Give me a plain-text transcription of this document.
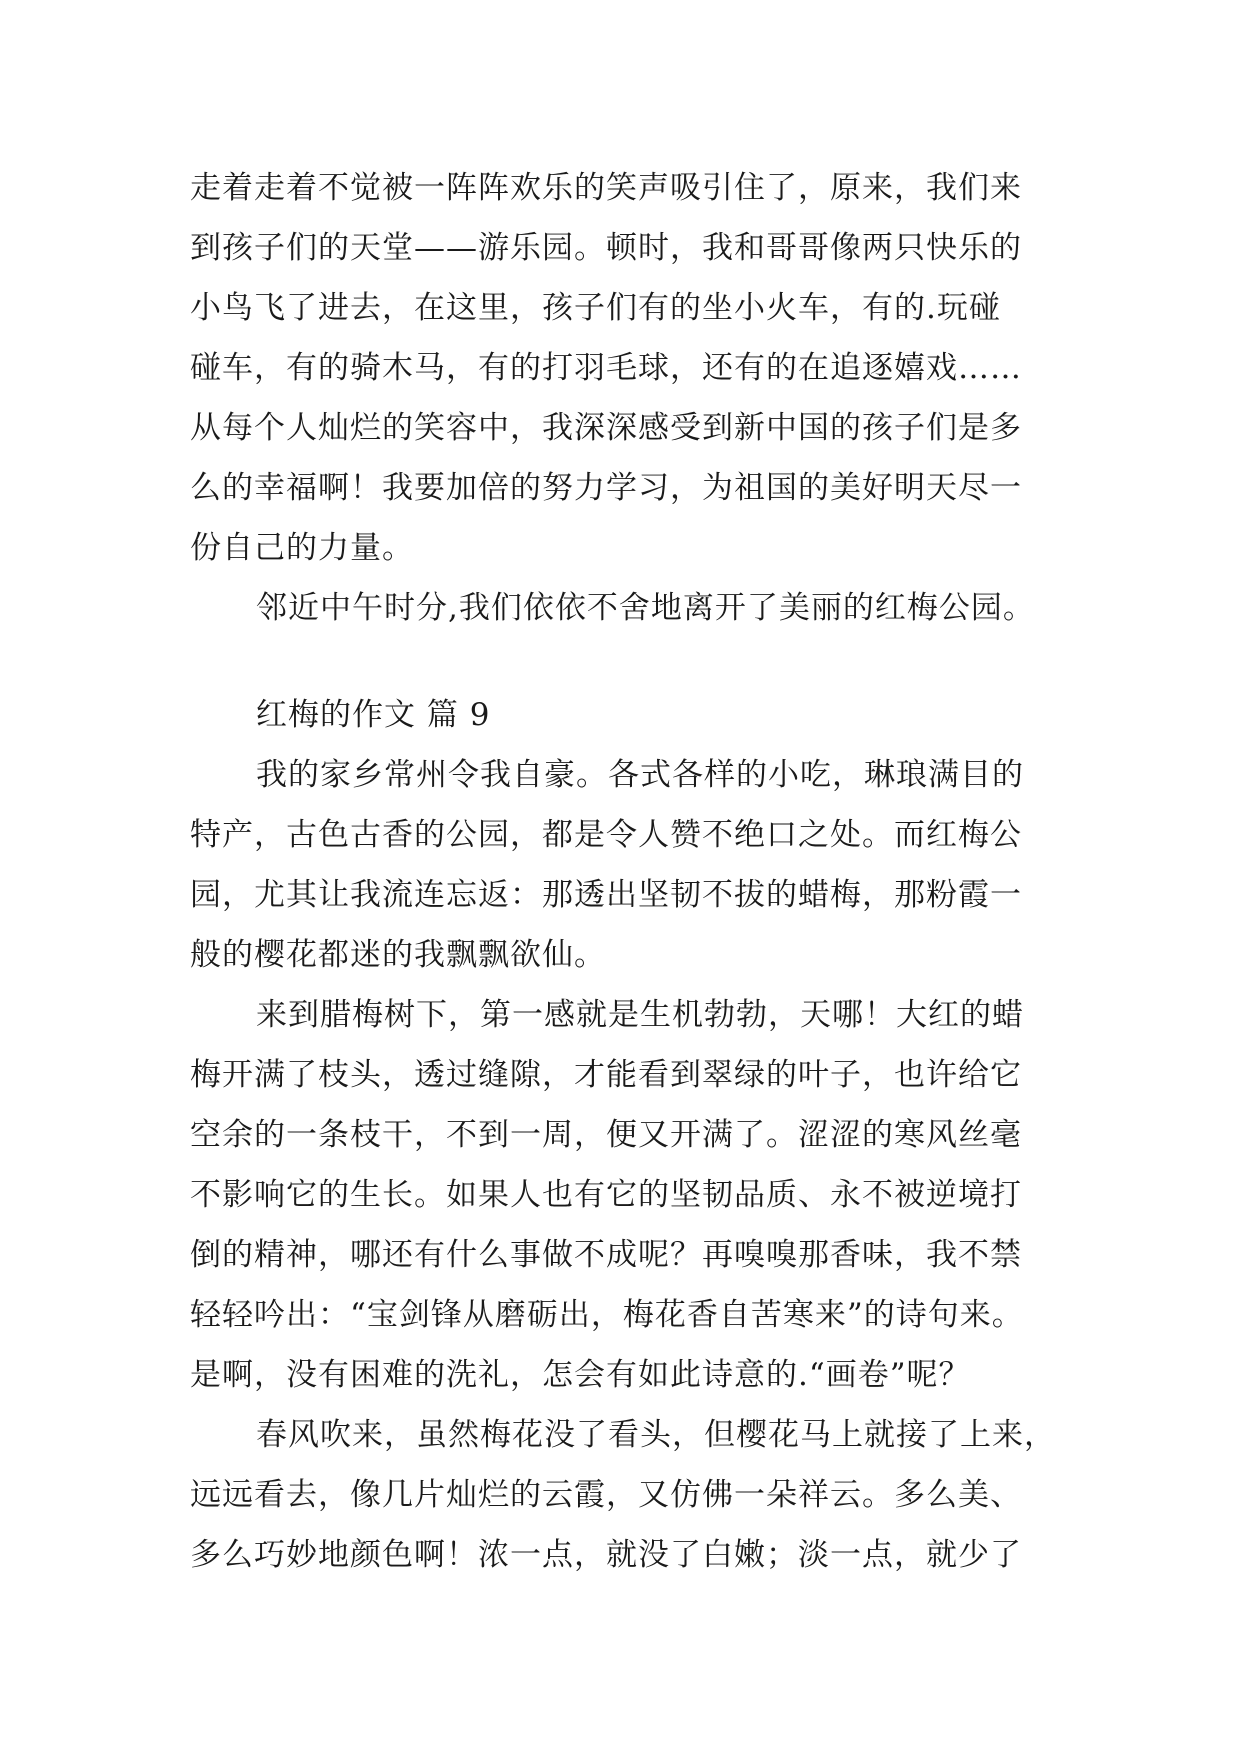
走着走着不觉被一阵阵欢乐的笑声吸引住了，原来，我们来
到孩子们的天堂——游乐园。顿时，我和哥哥像两只快乐的
小鸟飞了进去，在这里，孩子们有的坐小火车，有的.玩碰
碰车，有的骑木马，有的打羽毛球，还有的在追逐嬉戏……
从每个人灿烂的笑容中，我深深感受到新中国的孩子们是多
么的幸福啊！我要加倍的努力学习，为祖国的美好明天尽一
份自己的力量。
邻近中午时分,我们依依不舍地离开了美丽的红梅公园。
红梅的作文 篇 9
我的家乡常州令我自豪。各式各样的小吃，琳琅满目的
特产，古色古香的公园，都是令人赞不绝口之处。而红梅公
园，尤其让我流连忘返：那透出坚韧不拔的蜡梅，那粉霞一
般的樱花都迷的我飘飘欲仙。
来到腊梅树下，第一感就是生机勃勃，天哪！大红的蜡
梅开满了枝头，透过缝隙，才能看到翠绿的叶子，也许给它
空余的一条枝干，不到一周，便又开满了。涩涩的寒风丝毫
不影响它的生长。如果人也有它的坚韧品质、永不被逆境打
倒的精神，哪还有什么事做不成呢？再嗅嗅那香味，我不禁
轻轻吟出：“宝剑锋从磨砺出，梅花香自苦寒来”的诗句来。
是啊，没有困难的洗礼，怎会有如此诗意的.“画卷”呢？
春风吹来，虽然梅花没了看头，但樱花马上就接了上来，
远远看去，像几片灿烂的云霞，又仿佛一朵祥云。多么美、
多么巧妙地颜色啊！浓一点，就没了白嫩；淡一点，就少了
